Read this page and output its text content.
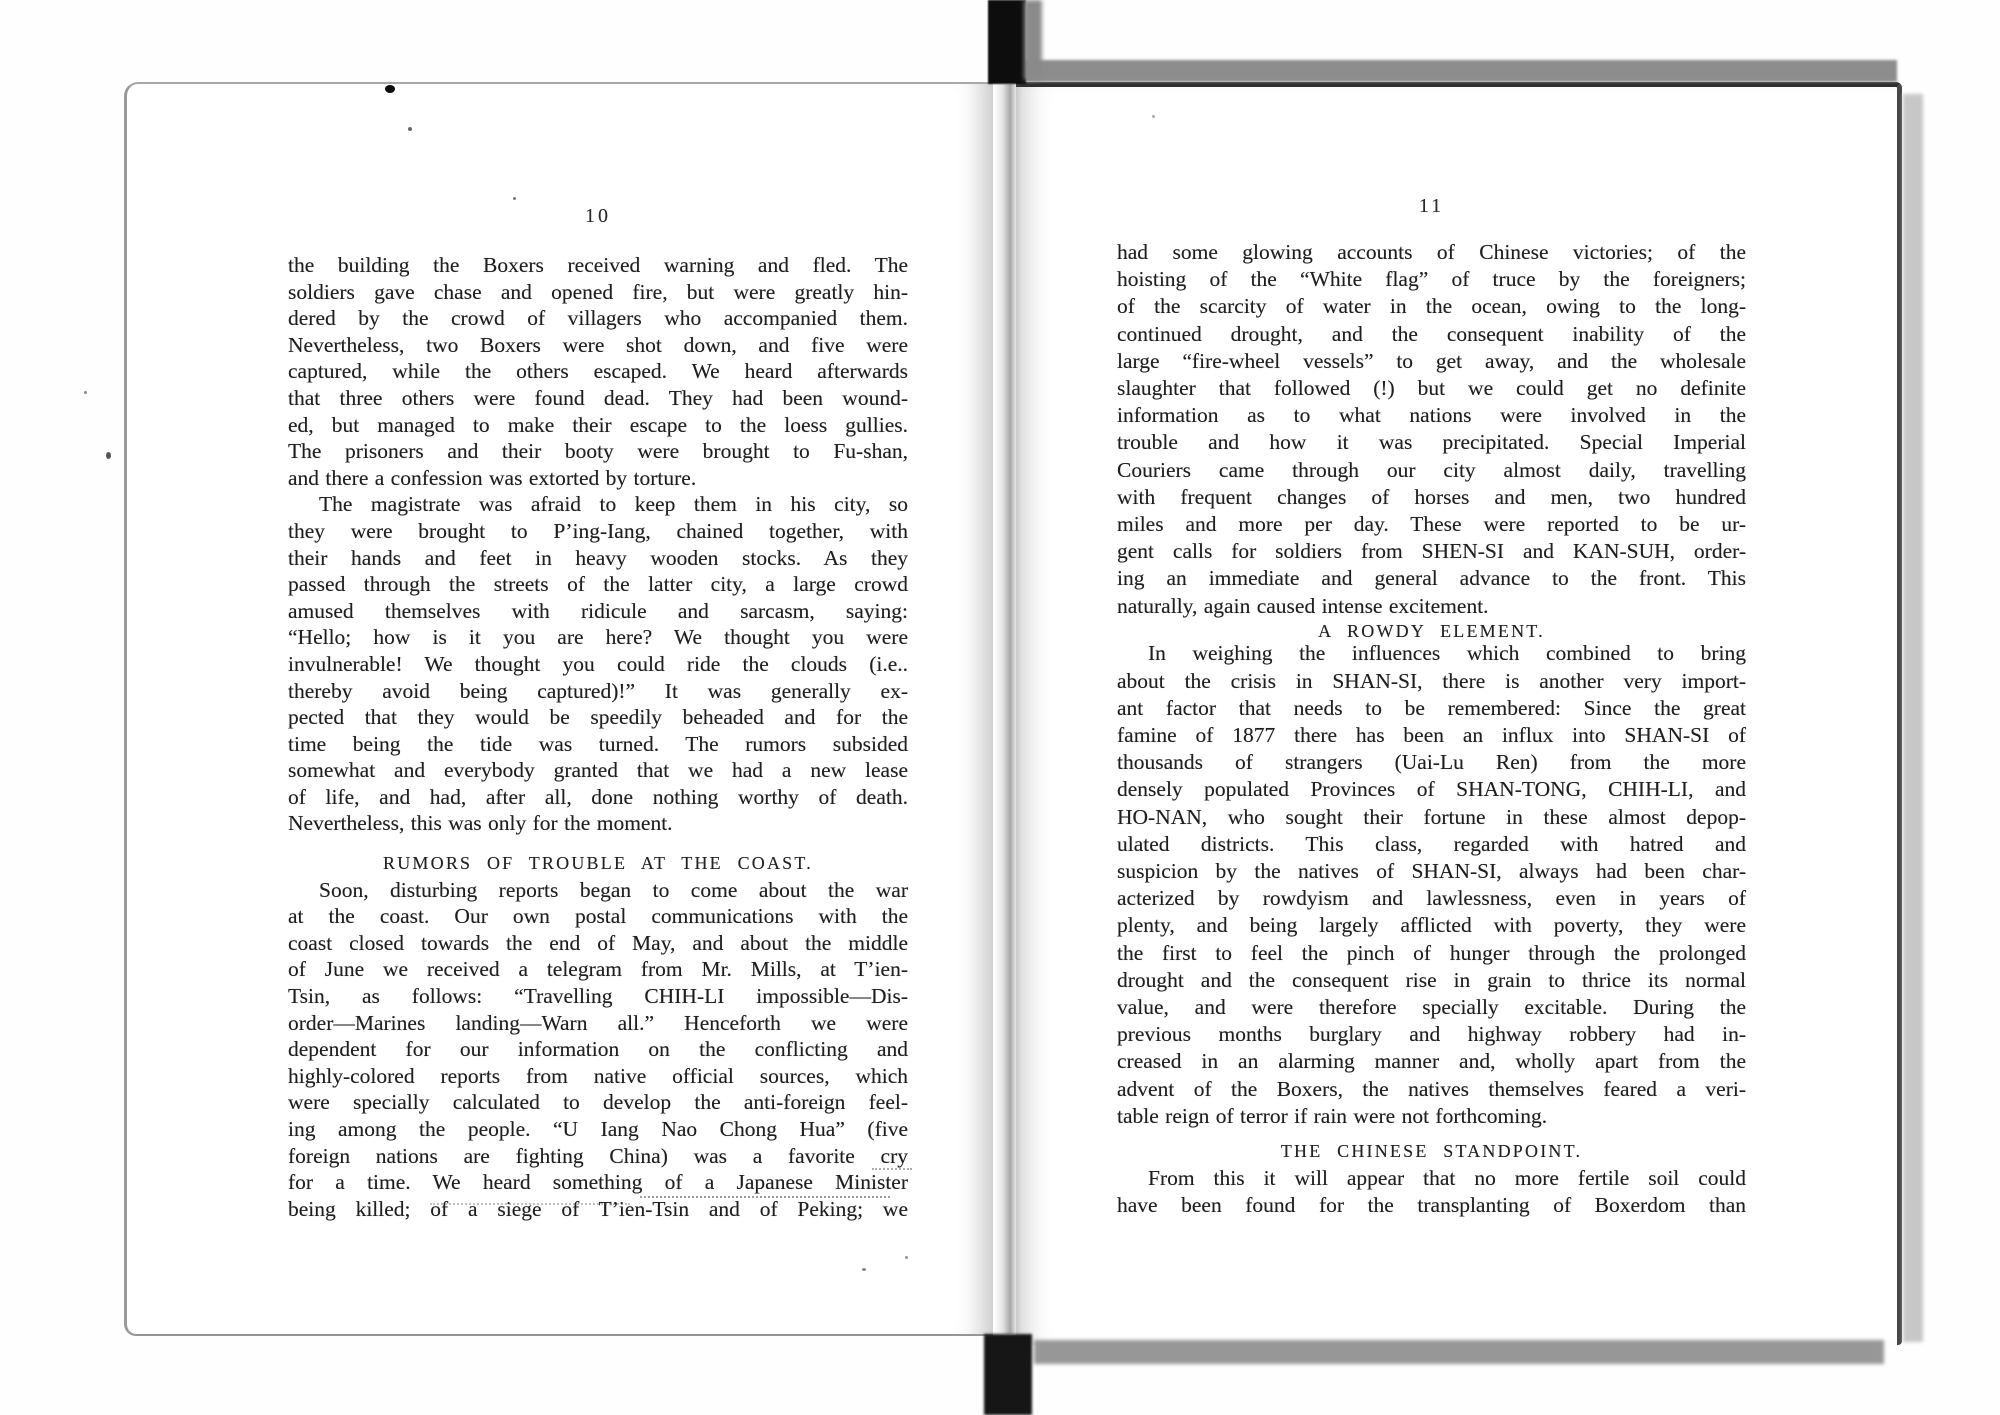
10	11
the building the Boxers received warning and fled. The
soldiers gave chase and opened fire, but were greatly hin-
dered by the crowd of villagers who accompanied them.
Nevertheless, two Boxers were shot down, and five were
captured, while the others escaped. We heard afterwards
that three others were found dead. They had been wound-
ed, but managed to make their escape to the loess gullies.
The prisoners and their booty were brought to Fu-shan,
and there a confession was extorted by torture.
The magistrate was afraid to keep them in his city, so
they were brought to P’ing-Iang, chained together, with
their hands and feet in heavy wooden stocks. As they
passed through the streets of the latter city, a large crowd
amused themselves with ridicule and sarcasm, saying:
“Hello; how is it you are here? We thought you were
invulnerable! We thought you could ride the clouds (i.e..
thereby avoid being captured)!” It was generally ex-
pected that they would be speedily beheaded and for the
time being the tide was turned. The rumors subsided
somewhat and everybody granted that we had a new lease
of life, and had, after all, done nothing worthy of death.
Nevertheless, this was only for the moment.
RUMORS OF TROUBLE AT THE COAST.
Soon, disturbing reports began to come about the war
at the coast. Our own postal communications with the
coast closed towards the end of May, and about the middle
of June we received a telegram from Mr. Mills, at T’ien-
Tsin, as follows: “Travelling CHIH-LI impossible—Dis-
order—Marines landing—Warn all.” Henceforth we were
dependent for our information on the conflicting and
highly-colored reports from native official sources, which
were specially calculated to develop the anti-foreign feel-
ing among the people. “U Iang Nao Chong Hua” (five
foreign nations are fighting China) was a favorite cry
for a time. We heard something of a Japanese Minister
being killed; of a siege of T’ien-Tsin and of Peking; we
had some glowing accounts of Chinese victories; of the
hoisting of the “White flag” of truce by the foreigners;
of the scarcity of water in the ocean, owing to the long-
continued drought, and the consequent inability of the
large “fire-wheel vessels” to get away, and the wholesale
slaughter that followed (!) but we could get no definite
information as to what nations were involved in the
trouble and how it was precipitated. Special Imperial
Couriers came through our city almost daily, travelling
with frequent changes of horses and men, two hundred
miles and more per day. These were reported to be ur-
gent calls for soldiers from SHEN-SI and KAN-SUH, order-
ing an immediate and general advance to the front. This
naturally, again caused intense excitement.
A ROWDY ELEMENT.
In weighing the influences which combined to bring
about the crisis in SHAN-SI, there is another very import-
ant factor that needs to be remembered: Since the great
famine of 1877 there has been an influx into SHAN-SI of
thousands of strangers (Uai-Lu Ren) from the more
densely populated Provinces of SHAN-TONG, CHIH-LI, and
HO-NAN, who sought their fortune in these almost depop-
ulated districts. This class, regarded with hatred and
suspicion by the natives of SHAN-SI, always had been char-
acterized by rowdyism and lawlessness, even in years of
plenty, and being largely afflicted with poverty, they were
the first to feel the pinch of hunger through the prolonged
drought and the consequent rise in grain to thrice its normal
value, and were therefore specially excitable. During the
previous months burglary and highway robbery had in-
creased in an alarming manner and, wholly apart from the
advent of the Boxers, the natives themselves feared a veri-
table reign of terror if rain were not forthcoming.
THE CHINESE STANDPOINT.
From this it will appear that no more fertile soil could
have been found for the transplanting of Boxerdom than
